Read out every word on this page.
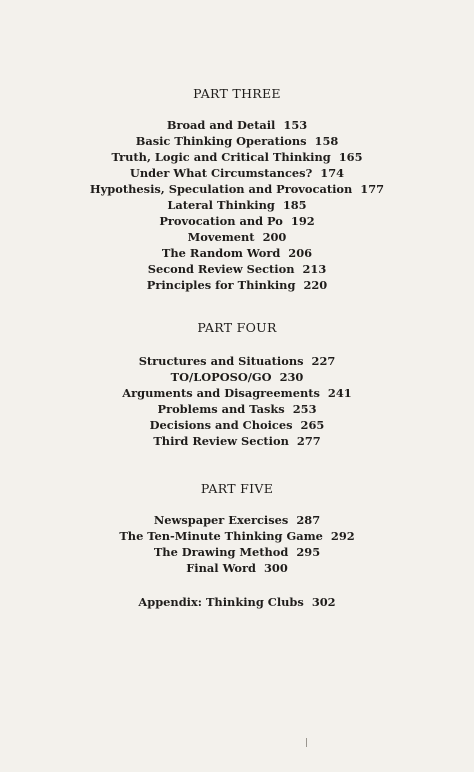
PART THREE
Broad and Detail 153
Basic Thinking Operations 158
Truth, Logic and Critical Thinking 165
Under What Circumstances? 174
Hypothesis, Speculation and Provocation 177
Lateral Thinking 185
Provocation and Po 192
Movement 200
The Random Word 206
Second Review Section 213
Principles for Thinking 220
PART FOUR
Structures and Situations 227
TO/LOPOSO/GO 230
Arguments and Disagreements 241
Problems and Tasks 253
Decisions and Choices 265
Third Review Section 277
PART FIVE
Newspaper Exercises 287
The Ten-Minute Thinking Game 292
The Drawing Method 295
Final Word 300
Appendix: Thinking Clubs 302
